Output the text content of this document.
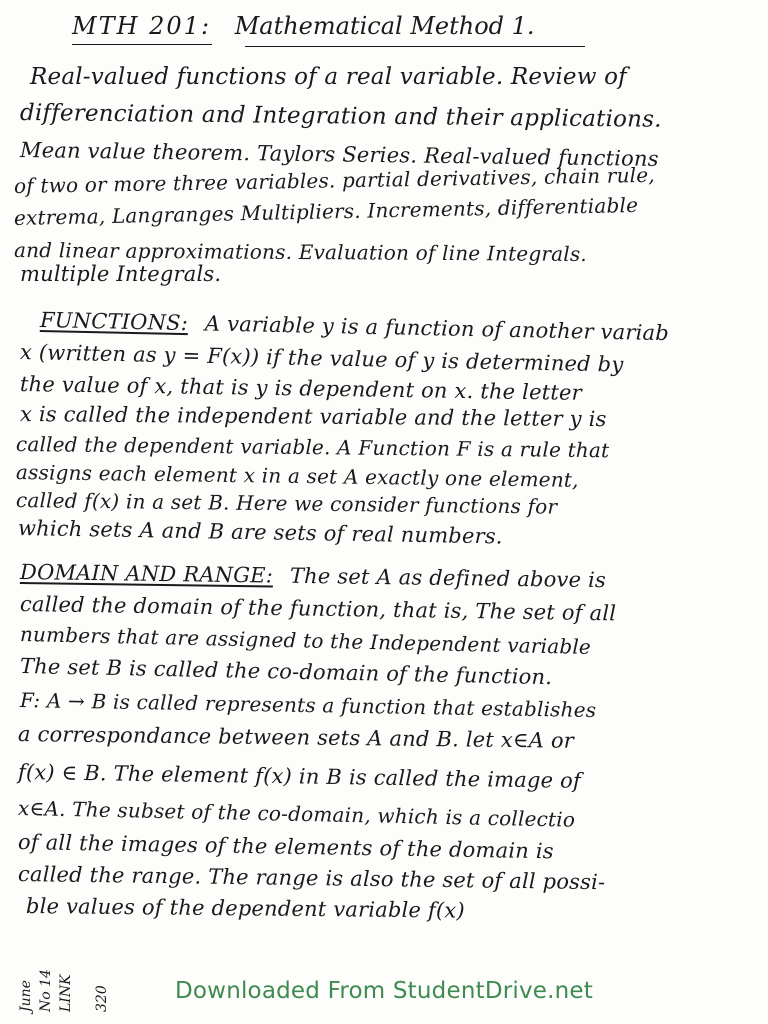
MTH 201: Mathematical Method 1.
Real-valued functions of a real variable. Review of
differenciation and Integration and their applications.
Mean value theorem. Taylors Series. Real-valued functions
of two or more three variables. partial derivatives, chain rule,
extrema, Langranges Multipliers. Increments, differentiable
and linear approximations. Evaluation of line Integrals.
multiple Integrals.
FUNCTIONS: A variable y is a function of another variab
x (written as y = F(x)) if the value of y is determined by
the value of x, that is y is dependent on x. the letter
x is called the independent variable and the letter y is
called the dependent variable. A Function F is a rule that
assigns each element x in a set A exactly one element,
called f(x) in a set B. Here we consider functions for
which sets A and B are sets of real numbers.
DOMAIN AND RANGE: The set A as defined above is
called the domain of the function, that is, The set of all
numbers that are assigned to the Independent variable
The set B is called the co-domain of the function.
F: A → B is called represents a function that establishes
a correspondance between sets A and B. let x∈A or
f(x) ∈ B. The element f(x) in B is called the image of
x∈A. The subset of the co-domain, which is a collectio
of all the images of the elements of the domain is
called the range. The range is also the set of all possi-
ble values of the dependent variable f(x)
June No 14 LINK 320	Downloaded From StudentDrive.net
